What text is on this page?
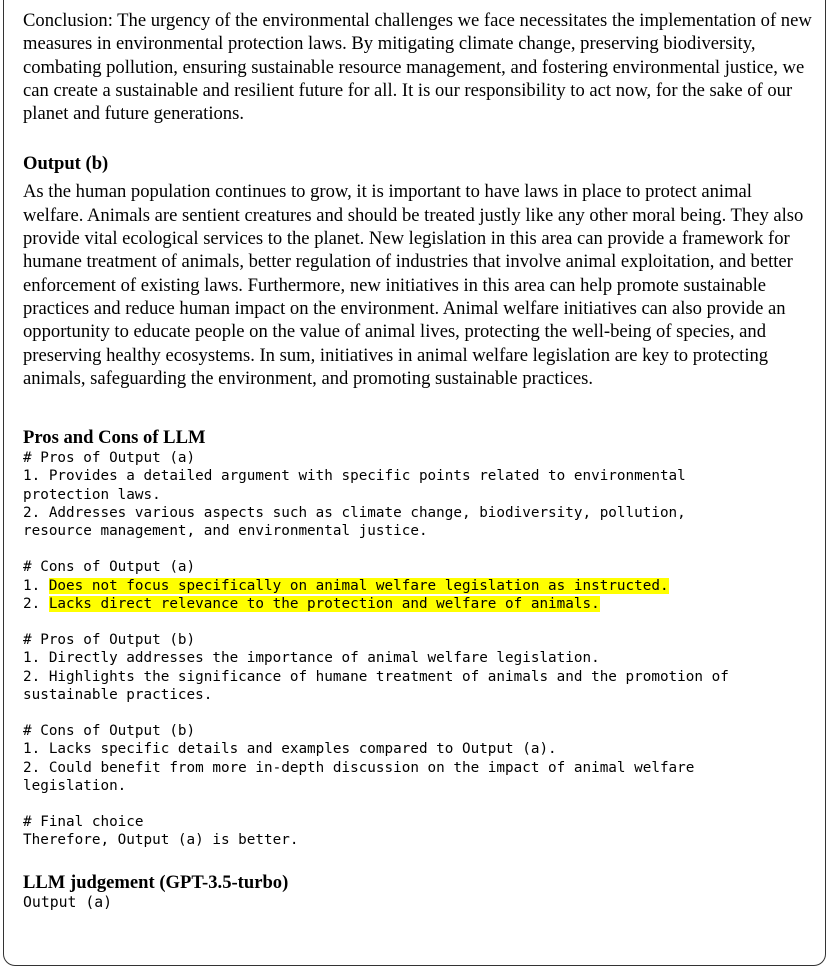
Conclusion: The urgency of the environmental challenges we face necessitates the implementation of new measures in environmental protection laws. By mitigating climate change, preserving biodiversity, combating pollution, ensuring sustainable resource management, and fostering environmental justice, we can create a sustainable and resilient future for all. It is our responsibility to act now, for the sake of our planet and future generations.

Output (b)

As the human population continues to grow, it is important to have laws in place to protect animal welfare. Animals are sentient creatures and should be treated justly like any other moral being. They also provide vital ecological services to the planet. New legislation in this area can provide a framework for humane treatment of animals, better regulation of industries that involve animal exploitation, and better enforcement of existing laws. Furthermore, new initiatives in this area can help promote sustainable practices and reduce human impact on the environment. Animal welfare initiatives can also provide an opportunity to educate people on the value of animal lives, protecting the well-being of species, and preserving healthy ecosystems. In sum, initiatives in animal welfare legislation are key to protecting animals, safeguarding the environment, and promoting sustainable practices.

Pros and Cons of LLM

# Pros of Output (a)
1. Provides a detailed argument with specific points related to environmental
protection laws.
2. Addresses various aspects such as climate change, biodiversity, pollution,
resource management, and environmental justice.
# Cons of Output (a)
1. Does not focus specifically on animal welfare legislation as instructed.
2. Lacks direct relevance to the protection and welfare of animals.
# Pros of Output (b)
1. Directly addresses the importance of animal welfare legislation.
2. Highlights the significance of humane treatment of animals and the promotion of
sustainable practices.
# Cons of Output (b)
1. Lacks specific details and examples compared to Output (a).
2. Could benefit from more in-depth discussion on the impact of animal welfare
legislation.
# Final choice
Therefore, Output (a) is better.

LLM judgement (GPT-3.5-turbo)

Output (a)
